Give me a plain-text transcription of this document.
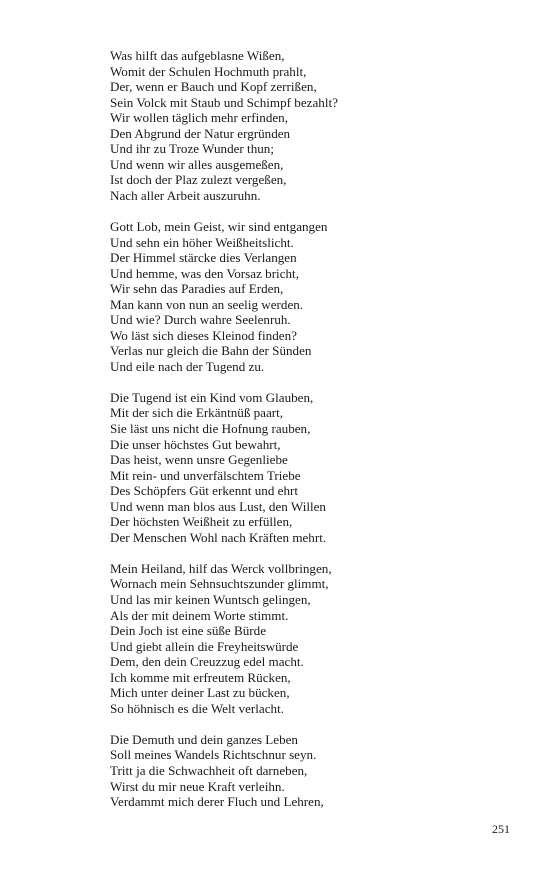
Was hilft das aufgeblasne Wißen,
Womit der Schulen Hochmuth prahlt,
Der, wenn er Bauch und Kopf zerrißen,
Sein Volck mit Staub und Schimpf bezahlt?
Wir wollen täglich mehr erfinden,
Den Abgrund der Natur ergründen
Und ihr zu Troze Wunder thun;
Und wenn wir alles ausgemeßen,
Ist doch der Plaz zulezt vergeßen,
Nach aller Arbeit auszuruhn.
Gott Lob, mein Geist, wir sind entgangen
Und sehn ein höher Weißheitslicht.
Der Himmel stärcke dies Verlangen
Und hemme, was den Vorsaz bricht,
Wir sehn das Paradies auf Erden,
Man kann von nun an seelig werden.
Und wie? Durch wahre Seelenruh.
Wo läst sich dieses Kleinod finden?
Verlas nur gleich die Bahn der Sünden
Und eile nach der Tugend zu.
Die Tugend ist ein Kind vom Glauben,
Mit der sich die Erkäntnüß paart,
Sie läst uns nicht die Hofnung rauben,
Die unser höchstes Gut bewahrt,
Das heist, wenn unsre Gegenliebe
Mit rein- und unverfälschtem Triebe
Des Schöpfers Güt erkennt und ehrt
Und wenn man blos aus Lust, den Willen
Der höchsten Weißheit zu erfüllen,
Der Menschen Wohl nach Kräften mehrt.
Mein Heiland, hilf das Werck vollbringen,
Wornach mein Sehnsuchtszunder glimmt,
Und las mir keinen Wuntsch gelingen,
Als der mit deinem Worte stimmt.
Dein Joch ist eine süße Bürde
Und giebt allein die Freyheitswürde
Dem, den dein Creuzzug edel macht.
Ich komme mit erfreutem Rücken,
Mich unter deiner Last zu bücken,
So höhnisch es die Welt verlacht.
Die Demuth und dein ganzes Leben
Soll meines Wandels Richtschnur seyn.
Tritt ja die Schwachheit oft darneben,
Wirst du mir neue Kraft verleihn.
Verdammt mich derer Fluch und Lehren,
251
